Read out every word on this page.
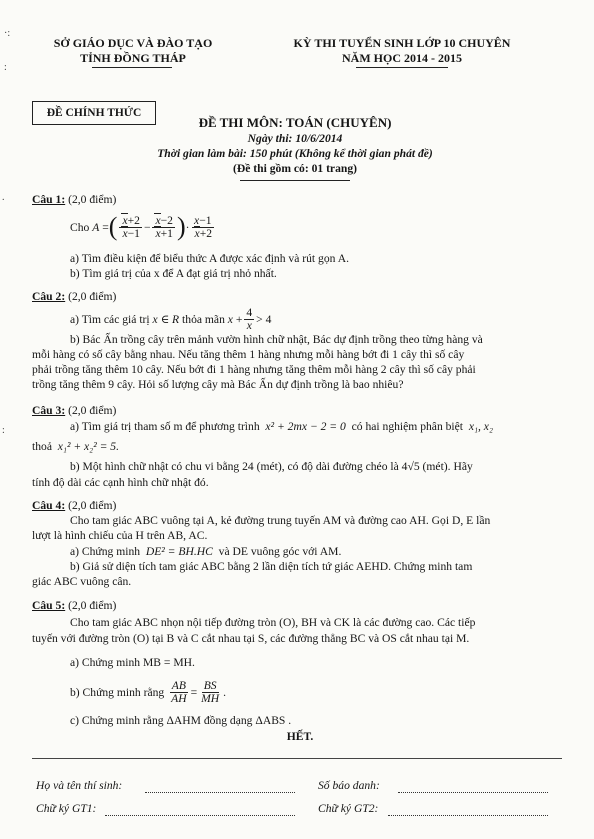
·:
:
.
:
SỞ GIÁO DỤC VÀ ĐÀO TẠO
TỈNH ĐỒNG THÁP
KỲ THI TUYỂN SINH LỚP 10 CHUYÊN
NĂM HỌC 2014 - 2015
ĐỀ CHÍNH THỨC
ĐỀ THI MÔN: TOÁN (CHUYÊN)
Ngày thi: 10/6/2014
Thời gian làm bài: 150 phút (Không kể thời gian phát đề)
(Đề thi gồm có: 01 trang)
Câu 1: (2,0 điểm)
Cho
A = ( $\frac{x+2}{x-1} - \frac{x-2}{x+1}$ ) · $\frac{x-1}{x+2}$
a) Tìm điều kiện để biểu thức A được xác định và rút gọn A.
b) Tìm giá trị của x để A đạt giá trị nhỏ nhất.
Câu 2: (2,0 điểm)
a) Tìm các giá trị
x ∈ R
thỏa mãn
$x + \frac{4}{x} > 4$
b) Bác Ấn trồng cây trên mảnh vườn hình chữ nhật, Bác dự định trồng theo từng hàng và
mỗi hàng có số cây bằng nhau. Nếu tăng thêm 1 hàng nhưng mỗi hàng bớt đi 1 cây thì số cây
phải trồng tăng thêm 10 cây. Nếu bớt đi 1 hàng nhưng tăng thêm mỗi hàng 2 cây thì số cây phải
trồng tăng thêm 9 cây. Hỏi số lượng cây mà Bác Ấn dự định trồng là bao nhiêu?
Câu 3: (2,0 điểm)
a) Tìm giá trị tham số m để phương trình x² + 2mx − 2 = 0 có hai nghiệm phân biệt x₁, x₂
thoả x₁² + x₂² = 5.
b) Một hình chữ nhật có chu vi bằng 24 (mét), có độ dài đường chéo là 4√5 (mét). Hãy
tính độ dài các cạnh hình chữ nhật đó.
Câu 4: (2,0 điểm)
Cho tam giác ABC vuông tại A, kẻ đường trung tuyến AM và đường cao AH. Gọi D, E lần
lượt là hình chiếu của H trên AB, AC.
a) Chứng minh DE² = BH.HC và DE vuông góc với AM.
b) Giả sử diện tích tam giác ABC bằng 2 lần diện tích tứ giác AEHD. Chứng minh tam
giác ABC vuông cân.
Câu 5: (2,0 điểm)
Cho tam giác ABC nhọn nội tiếp đường tròn (O), BH và CK là các đường cao. Các tiếp
tuyến với đường tròn (O) tại B và C cắt nhau tại S, các đường thẳng BC và OS cắt nhau tại M.
a) Chứng minh MB = MH.
b) Chứng minh rằng
$\frac{AB}{AH} = \frac{BS}{MH}$ .
c) Chứng minh rằng ΔAHM đồng dạng ΔABS .
HẾT.
Họ và tên thí sinh:	Số báo danh:
Chữ ký GT1:	Chữ ký GT2:
